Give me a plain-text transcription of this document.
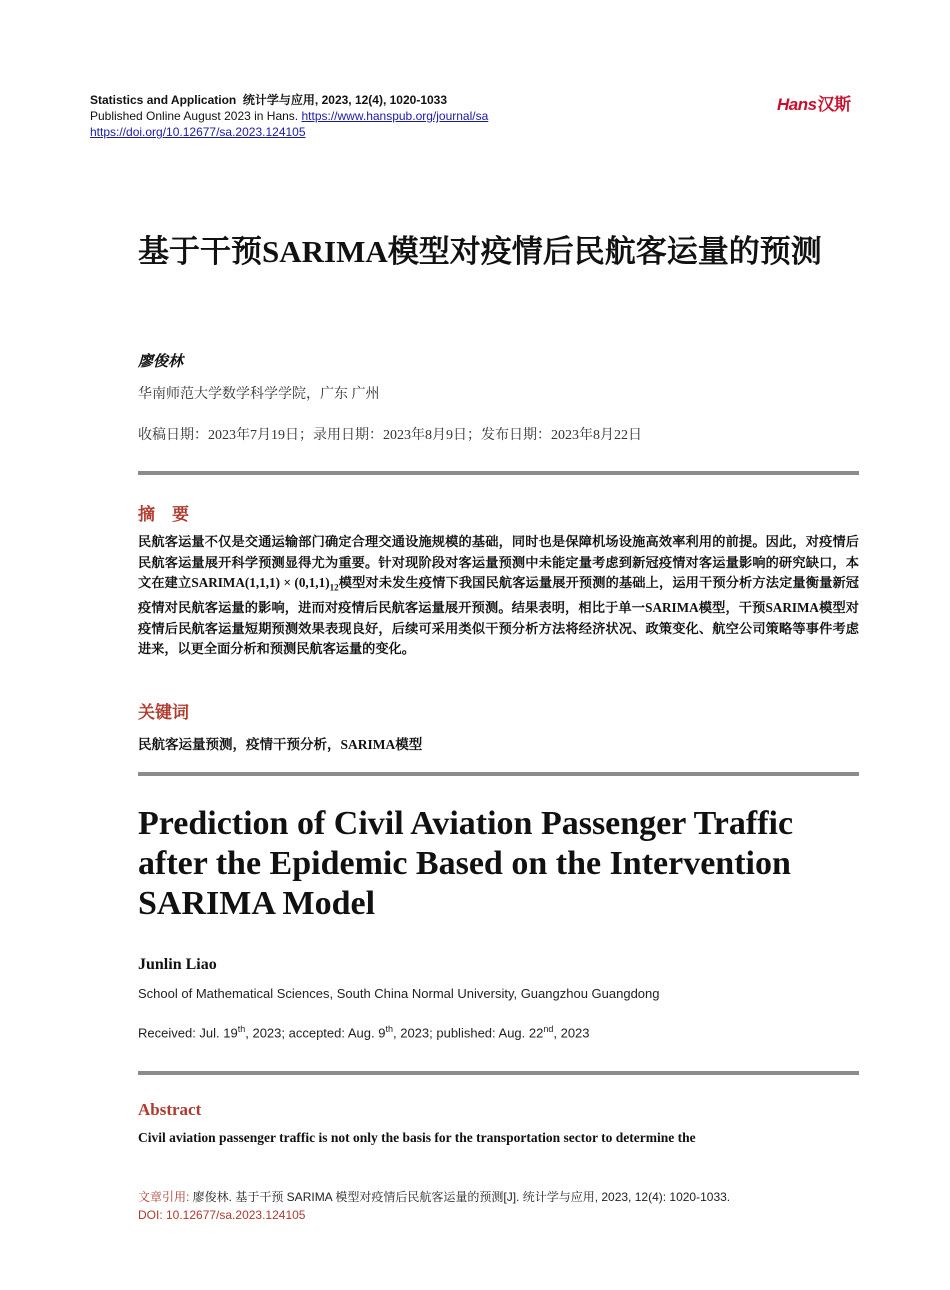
Statistics and Application 统计学与应用, 2023, 12(4), 1020-1033
Published Online August 2023 in Hans. https://www.hanspub.org/journal/sa
https://doi.org/10.12677/sa.2023.124105
Hans汉斯
基于干预SARIMA模型对疫情后民航客运量的预测
廖俊林
华南师范大学数学科学学院，广东 广州
收稿日期：2023年7月19日；录用日期：2023年8月9日；发布日期：2023年8月22日
摘　要
民航客运量不仅是交通运输部门确定合理交通设施规模的基础，同时也是保障机场设施高效率利用的前提。因此，对疫情后民航客运量展开科学预测显得尤为重要。针对现阶段对客运量预测中未能定量考虑到新冠疫情对客运量影响的研究缺口，本文在建立SARIMA(1,1,1) × $(0,1,1)_{12}$模型对未发生疫情下我国民航客运量展开预测的基础上，运用干预分析方法定量衡量新冠疫情对民航客运量的影响，进而对疫情后民航客运量展开预测。结果表明，相比于单一SARIMA模型，干预SARIMA模型对疫情后民航客运量短期预测效果表现良好，后续可采用类似干预分析方法将经济状况、政策变化、航空公司策略等事件考虑进来，以更全面分析和预测民航客运量的变化。
关键词
民航客运量预测，疫情干预分析，SARIMA模型
Prediction of Civil Aviation Passenger Traffic after the Epidemic Based on the Intervention SARIMA Model
Junlin Liao
School of Mathematical Sciences, South China Normal University, Guangzhou Guangdong
Received: Jul. 19th, 2023; accepted: Aug. 9th, 2023; published: Aug. 22nd, 2023
Abstract
Civil aviation passenger traffic is not only the basis for the transportation sector to determine the
文章引用: 廖俊林. 基于干预 SARIMA 模型对疫情后民航客运量的预测[J]. 统计学与应用, 2023, 12(4): 1020-1033.
DOI: 10.12677/sa.2023.124105
